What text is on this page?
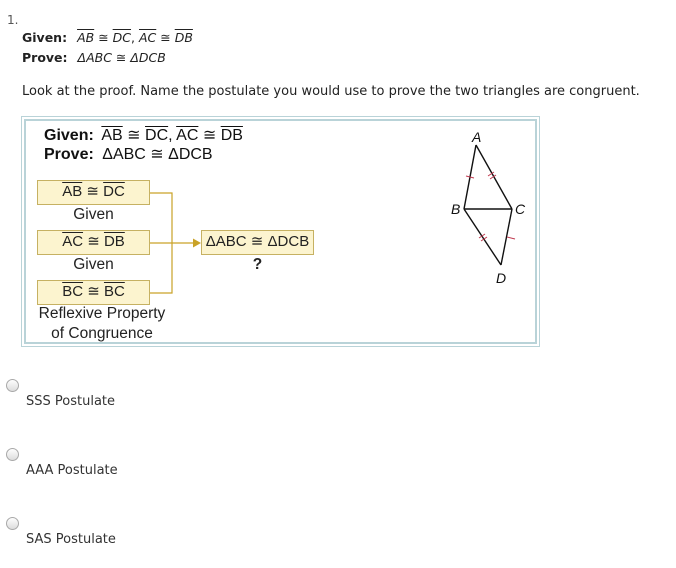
1.
Given: $\overline{AB}$ ≅ $\overline{DC}$, $\overline{AC}$ ≅ $\overline{DB}$
Prove: ΔABC ≅ ΔDCB
Look at the proof. Name the postulate you would use to prove the two triangles are congruent.
Given: $\overline{AB}$ ≅ $\overline{DC}$, $\overline{AC}$ ≅ $\overline{DB}$
Prove: ΔABC ≅ ΔDCB
$\overline{AB}$ ≅ $\overline{DC}$
Given
$\overline{AC}$ ≅ $\overline{DB}$
Given
$\overline{BC}$ ≅ $\overline{BC}$
Reflexive Property
of Congruence
ΔABC ≅ ΔDCB
?
A
B	C
D
SSS Postulate
AAA Postulate
SAS Postulate
